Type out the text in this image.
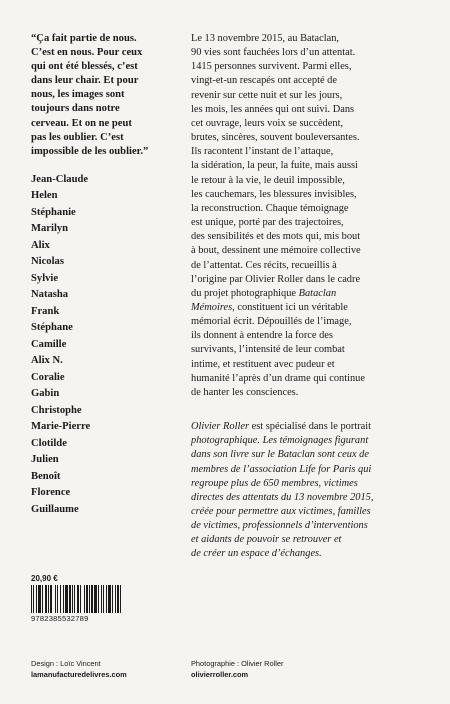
“Ça fait partie de nous.
C’est en nous. Pour ceux
qui ont été blessés, c’est
dans leur chair. Et pour
nous, les images sont
toujours dans notre
cerveau. Et on ne peut
pas les oublier. C’est
impossible de les oublier.”

Jean-Claude
Helen
Stéphanie
Marilyn
Alix
Nicolas
Sylvie
Natasha
Frank
Stéphane
Camille
Alix N.
Coralie
Gabin
Christophe
Marie-Pierre
Clotilde
Julien
Benoît
Florence
Guillaume
20,90 €
9782385532789

Le 13 novembre 2015, au Bataclan,
90 vies sont fauchées lors d’un attentat.
1415 personnes survivent. Parmi elles,
vingt-et-un rescapés ont accepté de
revenir sur cette nuit et sur les jours,
les mois, les années qui ont suivi. Dans
cet ouvrage, leurs voix se succèdent,
brutes, sincères, souvent bouleversantes.
Ils racontent l’instant de l’attaque,
la sidération, la peur, la fuite, mais aussi
le retour à la vie, le deuil impossible,
les cauchemars, les blessures invisibles,
la reconstruction. Chaque témoignage
est unique, porté par des trajectoires,
des sensibilités et des mots qui, mis bout
à bout, dessinent une mémoire collective
de l’attentat. Ces récits, recueillis à
l’origine par Olivier Roller dans le cadre
du projet photographique Bataclan
Mémoires, constituent ici un véritable
mémorial écrit. Dépouillés de l’image,
ils donnent à entendre la force des
survivants, l’intensité de leur combat
intime, et restituent avec pudeur et
humanité l’après d’un drame qui continue
de hanter les consciences.

Olivier Roller est spécialisé dans le portrait
photographique. Les témoignages figurant
dans son livre sur le Bataclan sont ceux de
membres de l’association Life for Paris qui
regroupe plus de 650 membres, victimes
directes des attentats du 13 novembre 2015,
créée pour permettre aux victimes, familles
de victimes, professionnels d’interventions
et aidants de pouvoir se retrouver et
de créer un espace d’échanges.

Design : Loïc Vincent
lamanufacturedelivres.com
Photographie : Olivier Roller
olivierroller.com
